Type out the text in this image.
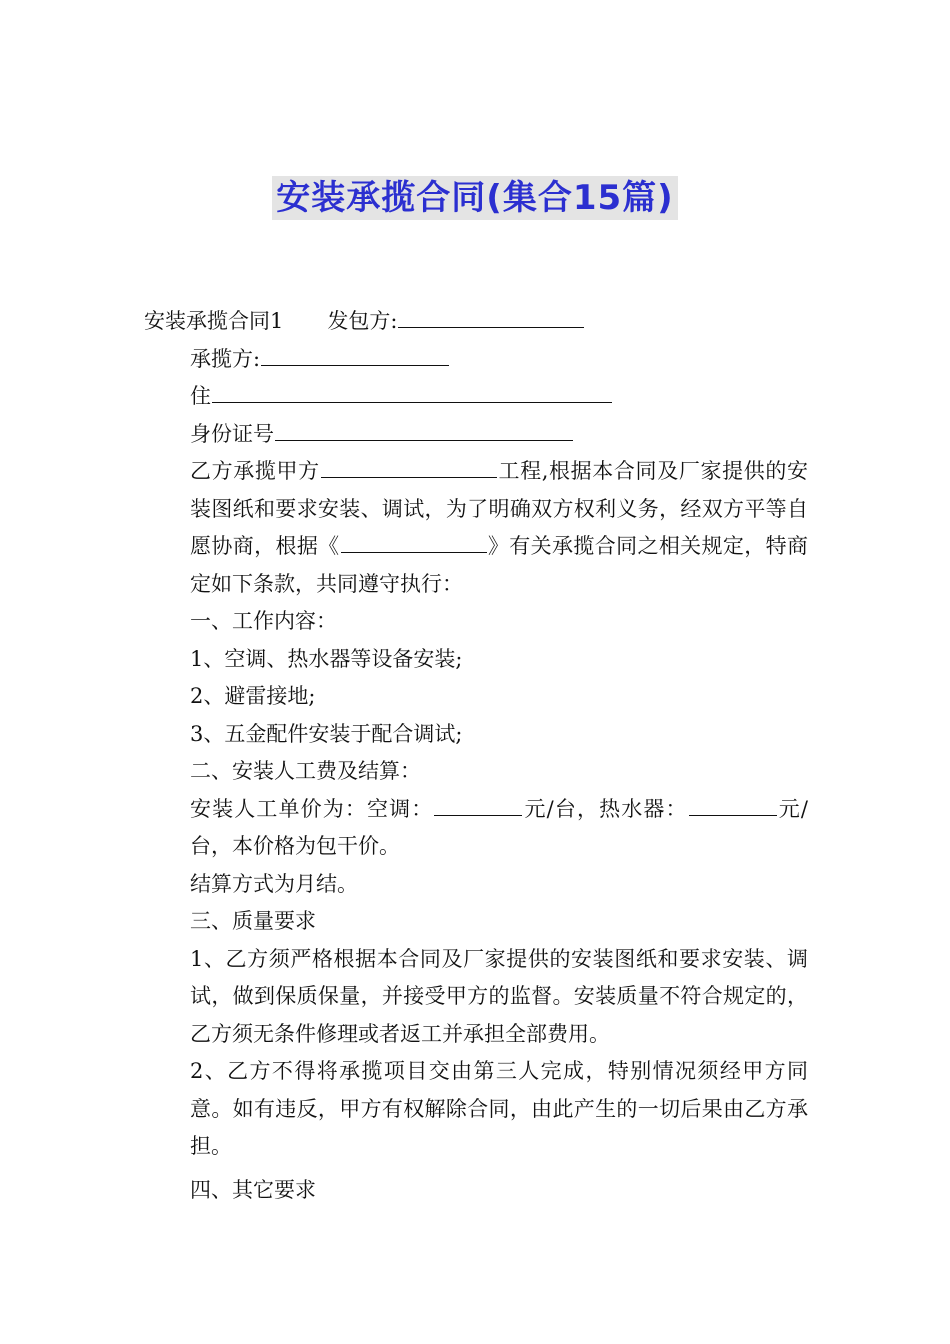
安装承揽合同(集合15篇)

安装承揽合同1 发包方:

承揽方:

住

身份证号

乙方承揽甲方	工程,根据本合同及厂家提供的安装图纸和要求安装、调试，为了明确双方权利义务，经双方平等自愿协商，根据《	》有关承揽合同之相关规定，特商定如下条款，共同遵守执行：

一、工作内容：

1、空调、热水器等设备安装;

2、避雷接地;

3、五金配件安装于配合调试;

二、安装人工费及结算：

安装人工单价为：空调：	元/台，热水器：	元/台，本价格为包干价。

结算方式为月结。

三、质量要求

1、乙方须严格根据本合同及厂家提供的安装图纸和要求安装、调试，做到保质保量，并接受甲方的监督。安装质量不符合规定的，乙方须无条件修理或者返工并承担全部费用。

2、乙方不得将承揽项目交由第三人完成，特别情况须经甲方同意。如有违反，甲方有权解除合同，由此产生的一切后果由乙方承担。

四、其它要求
